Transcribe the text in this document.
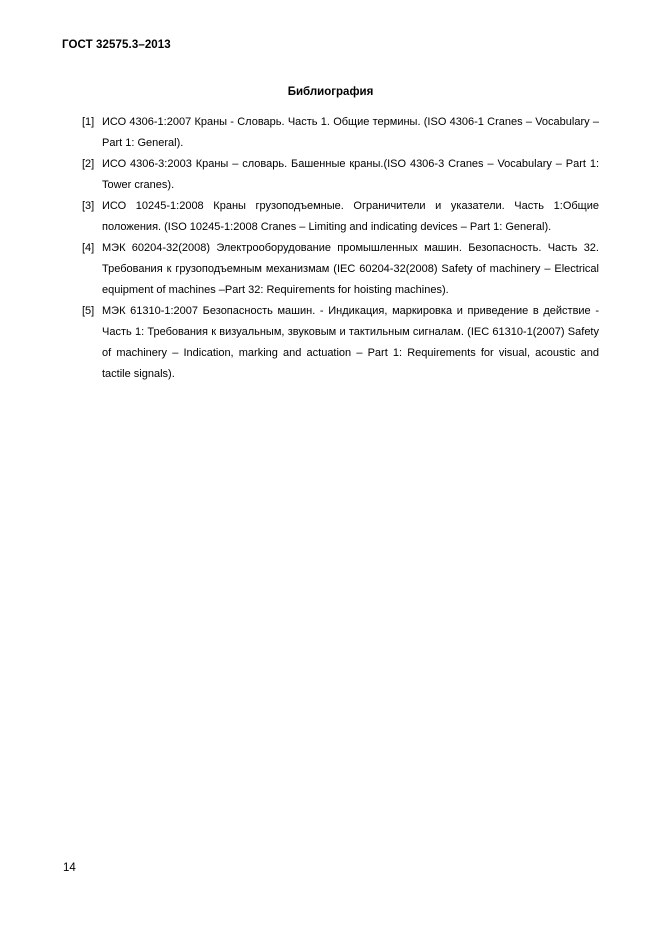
ГОСТ 32575.3–2013
Библиография
[1] ИСО 4306-1:2007 Краны - Словарь. Часть 1. Общие термины. (ISO 4306-1 Cranes – Vocabulary – Part 1: General).
[2] ИСО 4306-3:2003 Краны – словарь. Башенные краны.(ISO 4306-3 Cranes – Vocabulary – Part 1: Tower cranes).
[3] ИСО 10245-1:2008 Краны грузоподъемные. Ограничители и указатели. Часть 1:Общие положения. (ISO 10245-1:2008 Cranes – Limiting and indicating devices – Part 1: General).
[4] МЭК 60204-32(2008) Электрооборудование промышленных машин. Безопасность. Часть 32. Требования к грузоподъемным механизмам (IEC 60204-32(2008) Safety of machinery – Electrical equipment of machines –Part 32: Requirements for hoisting machines).
[5] МЭК 61310-1:2007 Безопасность машин. - Индикация, маркировка и приведение в действие - Часть 1: Требования к визуальным, звуковым и тактильным сигналам. (IEC 61310-1(2007) Safety of machinery – Indication, marking and actuation – Part 1: Requirements for visual, acoustic and tactile signals).
14
